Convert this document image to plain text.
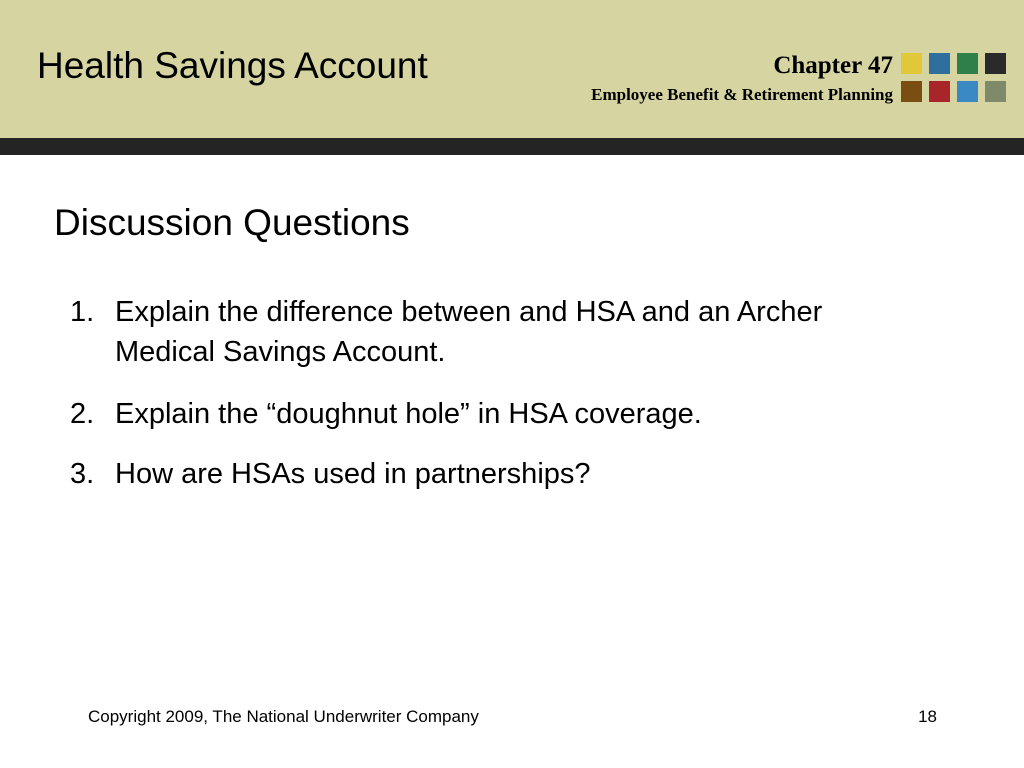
Health Savings Account	Chapter 47
Employee Benefit & Retirement Planning
Discussion Questions
1. Explain the difference between and HSA and an Archer Medical Savings Account.
2. Explain the “doughnut hole” in HSA coverage.
3. How are HSAs used in partnerships?
Copyright 2009, The National Underwriter Company	18
